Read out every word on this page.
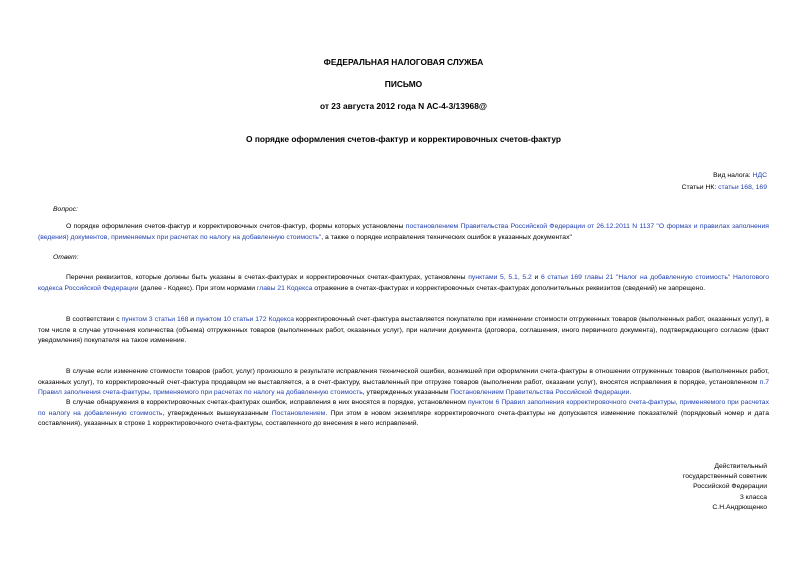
ФЕДЕРАЛЬНАЯ НАЛОГОВАЯ СЛУЖБА
ПИСЬМО
от 23 августа 2012 года N АС-4-3/13968@
О порядке оформления счетов-фактур и корректировочных счетов-фактур
Вид налога: НДС
Статьи НК: статьи 168, 169
Вопрос:
О порядке оформления счетов-фактур и корректировочных счетов-фактур, формы которых установлены постановлением Правительства Российской Федерации от 26.12.2011 N 1137 "О формах и правилах заполнения (ведения) документов, применяемых при расчетах по налогу на добавленную стоимость", а также о порядке исправления технических ошибок в указанных документах"
Ответ:
Перечни реквизитов, которые должны быть указаны в счетах-фактурах и корректировочных счетах-фактурах, установлены пунктами 5, 5.1, 5.2 и 6 статьи 169 главы 21 "Налог на добавленную стоимость" Налогового кодекса Российской Федерации (далее - Кодекс). При этом нормами главы 21 Кодекса отражение в счетах-фактурах и корректировочных счетах-фактурах дополнительных реквизитов (сведений) не запрещено.
В соответствии с пунктом 3 статьи 168 и пунктом 10 статьи 172 Кодекса корректировочный счет-фактура выставляется покупателю при изменении стоимости отгруженных товаров (выполненных работ, оказанных услуг), в том числе в случае уточнения количества (объема) отгруженных товаров (выполненных работ, оказанных услуг), при наличии документа (договора, соглашения, иного первичного документа), подтверждающего согласие (факт уведомления) покупателя на такое изменение.
В случае если изменение стоимости товаров (работ, услуг) произошло в результате исправления технической ошибки, возникшей при оформлении счета-фактуры в отношении отгруженных товаров (выполненных работ, оказанных услуг), то корректировочный счет-фактура продавцом не выставляется, а в счет-фактуру, выставленный при отгрузке товаров (выполнении работ, оказании услуг), вносятся исправления в порядке, установленном п.7 Правил заполнения счета-фактуры, применяемого при расчетах по налогу на добавленную стоимость, утвержденных указанным Постановлением Правительства Российской Федерации.
В случае обнаружения в корректировочных счетах-фактурах ошибок, исправления в них вносятся в порядке, установленном пунктом 6 Правил заполнения корректировочного счета-фактуры, применяемого при расчетах по налогу на добавленную стоимость, утвержденных вышеуказанным Постановлением. При этом в новом экземпляре корректировочного счета-фактуры не допускается изменение показателей (порядковый номер и дата составления), указанных в строке 1 корректировочного счета-фактуры, составленного до внесения в него исправлений.
Действительный
государственный советник
Российской Федерации
3 класса
С.Н.Андрющенко
